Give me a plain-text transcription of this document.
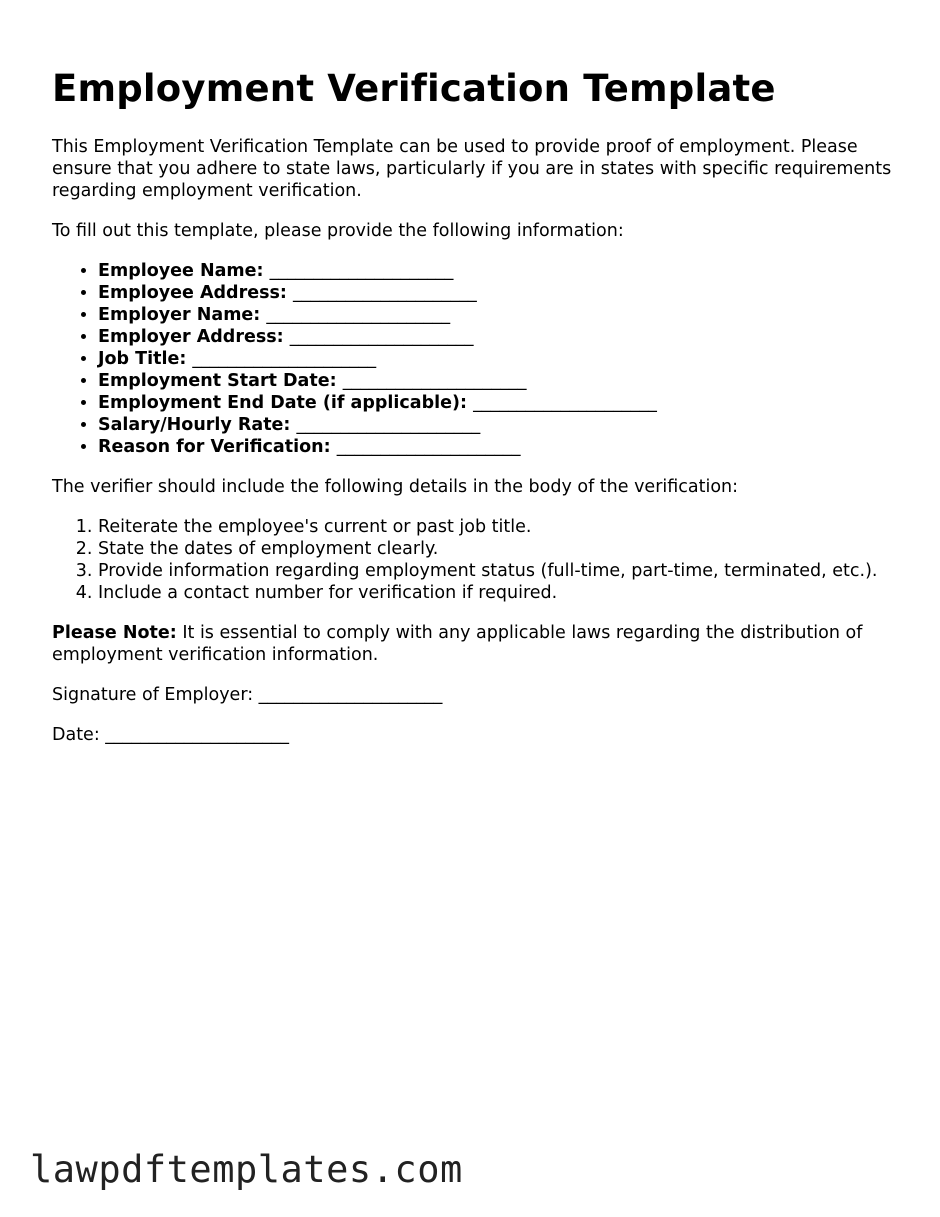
Employment Verification Template

This Employment Verification Template can be used to provide proof of employment. Please ensure that you adhere to state laws, particularly if you are in states with specific requirements regarding employment verification.

To fill out this template, please provide the following information:

• Employee Name: _____________________
• Employee Address: _____________________
• Employer Name: _____________________
• Employer Address: _____________________
• Job Title: _____________________
• Employment Start Date: _____________________
• Employment End Date (if applicable): _____________________
• Salary/Hourly Rate: _____________________
• Reason for Verification: _____________________

The verifier should include the following details in the body of the verification:

1. Reiterate the employee's current or past job title.
2. State the dates of employment clearly.
3. Provide information regarding employment status (full-time, part-time, terminated, etc.).
4. Include a contact number for verification if required.

Please Note: It is essential to comply with any applicable laws regarding the distribution of employment verification information.

Signature of Employer: _____________________

Date: _____________________

lawpdftemplates.com
